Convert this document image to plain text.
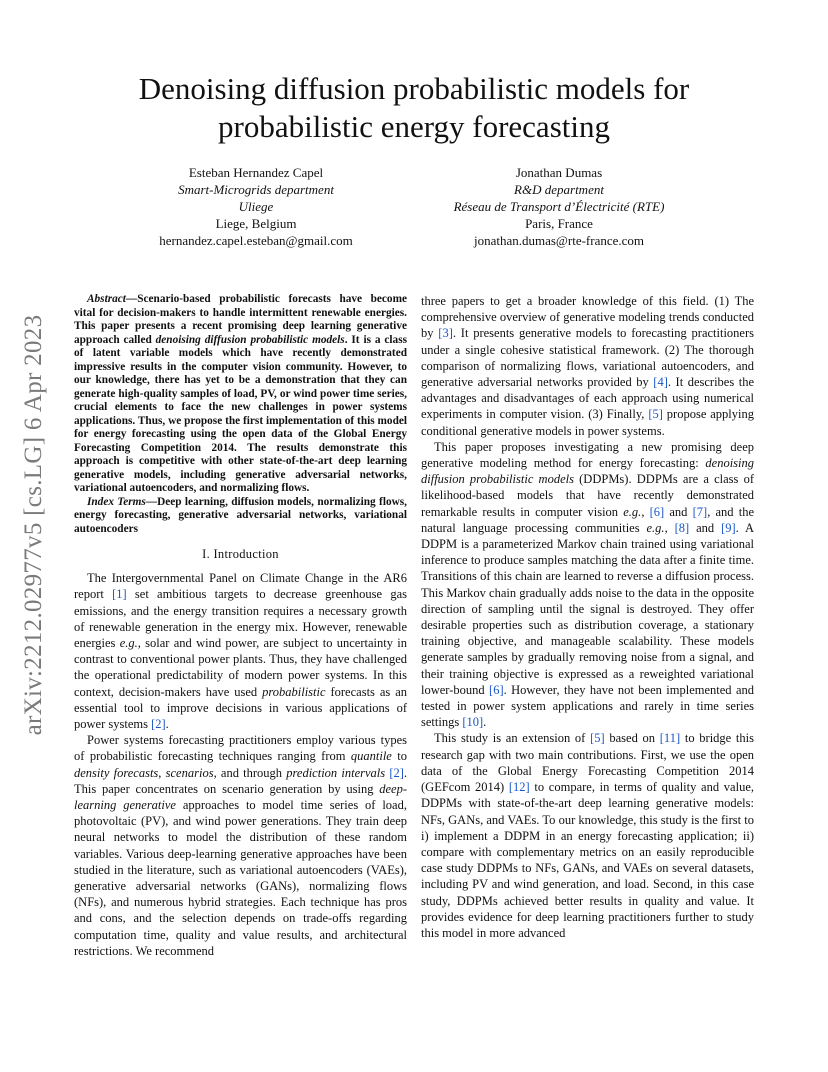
arXiv:2212.02977v5 [cs.LG] 6 Apr 2023
Denoising diffusion probabilistic models for
probabilistic energy forecasting
Esteban Hernandez Capel
Smart-Microgrids department
Uliege
Liege, Belgium
hernandez.capel.esteban@gmail.com
Jonathan Dumas
R&D department
Réseau de Transport d’Électricité (RTE)
Paris, France
jonathan.dumas@rte-france.com

Abstract—Scenario-based probabilistic forecasts have become vital for decision-makers to handle intermittent renewable energies. This paper presents a recent promising deep learning generative approach called denoising diffusion probabilistic models. It is a class of latent variable models which have recently demonstrated impressive results in the computer vision community. However, to our knowledge, there has yet to be a demonstration that they can generate high-quality samples of load, PV, or wind power time series, crucial elements to face the new challenges in power systems applications. Thus, we propose the first implementation of this model for energy forecasting using the open data of the Global Energy Forecasting Competition 2014. The results demonstrate this approach is competitive with other state-of-the-art deep learning generative models, including generative adversarial networks, variational autoencoders, and normalizing flows.

Index Terms—Deep learning, diffusion models, normalizing flows, energy forecasting, generative adversarial networks, variational autoencoders

I. Introduction

The Intergovernmental Panel on Climate Change in the AR6 report [1] set ambitious targets to decrease greenhouse gas emissions, and the energy transition requires a necessary growth of renewable generation in the energy mix. However, renewable energies e.g., solar and wind power, are subject to uncertainty in contrast to conventional power plants. Thus, they have challenged the operational predictability of modern power systems. In this context, decision-makers have used probabilistic forecasts as an essential tool to improve decisions in various applications of power systems [2].

Power systems forecasting practitioners employ various types of probabilistic forecasting techniques ranging from quantile to density forecasts, scenarios, and through prediction intervals [2]. This paper concentrates on scenario generation by using deep-learning generative approaches to model time series of load, photovoltaic (PV), and wind power generations. They train deep neural networks to model the distribution of these random variables. Various deep-learning generative approaches have been studied in the literature, such as variational autoencoders (VAEs), generative adversarial networks (GANs), normalizing flows (NFs), and numerous hybrid strategies. Each technique has pros and cons, and the selection depends on trade-offs regarding computation time, quality and value results, and architectural restrictions. We recommend

three papers to get a broader knowledge of this field. (1) The comprehensive overview of generative modeling trends conducted by [3]. It presents generative models to forecasting practitioners under a single cohesive statistical framework. (2) The thorough comparison of normalizing flows, variational autoencoders, and generative adversarial networks provided by [4]. It describes the advantages and disadvantages of each approach using numerical experiments in computer vision. (3) Finally, [5] propose applying conditional generative models in power systems.

This paper proposes investigating a new promising deep generative modeling method for energy forecasting: denoising diffusion probabilistic models (DDPMs). DDPMs are a class of likelihood-based models that have recently demonstrated remarkable results in computer vision e.g., [6] and [7], and the natural language processing communities e.g., [8] and [9]. A DDPM is a parameterized Markov chain trained using variational inference to produce samples matching the data after a finite time. Transitions of this chain are learned to reverse a diffusion process. This Markov chain gradually adds noise to the data in the opposite direction of sampling until the signal is destroyed. They offer desirable properties such as distribution coverage, a stationary training objective, and manageable scalability. These models generate samples by gradually removing noise from a signal, and their training objective is expressed as a reweighted variational lower-bound [6]. However, they have not been implemented and tested in power system applications and rarely in time series settings [10].

This study is an extension of [5] based on [11] to bridge this research gap with two main contributions. First, we use the open data of the Global Energy Forecasting Competition 2014 (GEFcom 2014) [12] to compare, in terms of quality and value, DDPMs with state-of-the-art deep learning generative models: NFs, GANs, and VAEs. To our knowledge, this study is the first to i) implement a DDPM in an energy forecasting application; ii) compare with complementary metrics on an easily reproducible case study DDPMs to NFs, GANs, and VAEs on several datasets, including PV and wind generation, and load. Second, in this case study, DDPMs achieved better results in quality and value. It provides evidence for deep learning practitioners further to study this model in more advanced
